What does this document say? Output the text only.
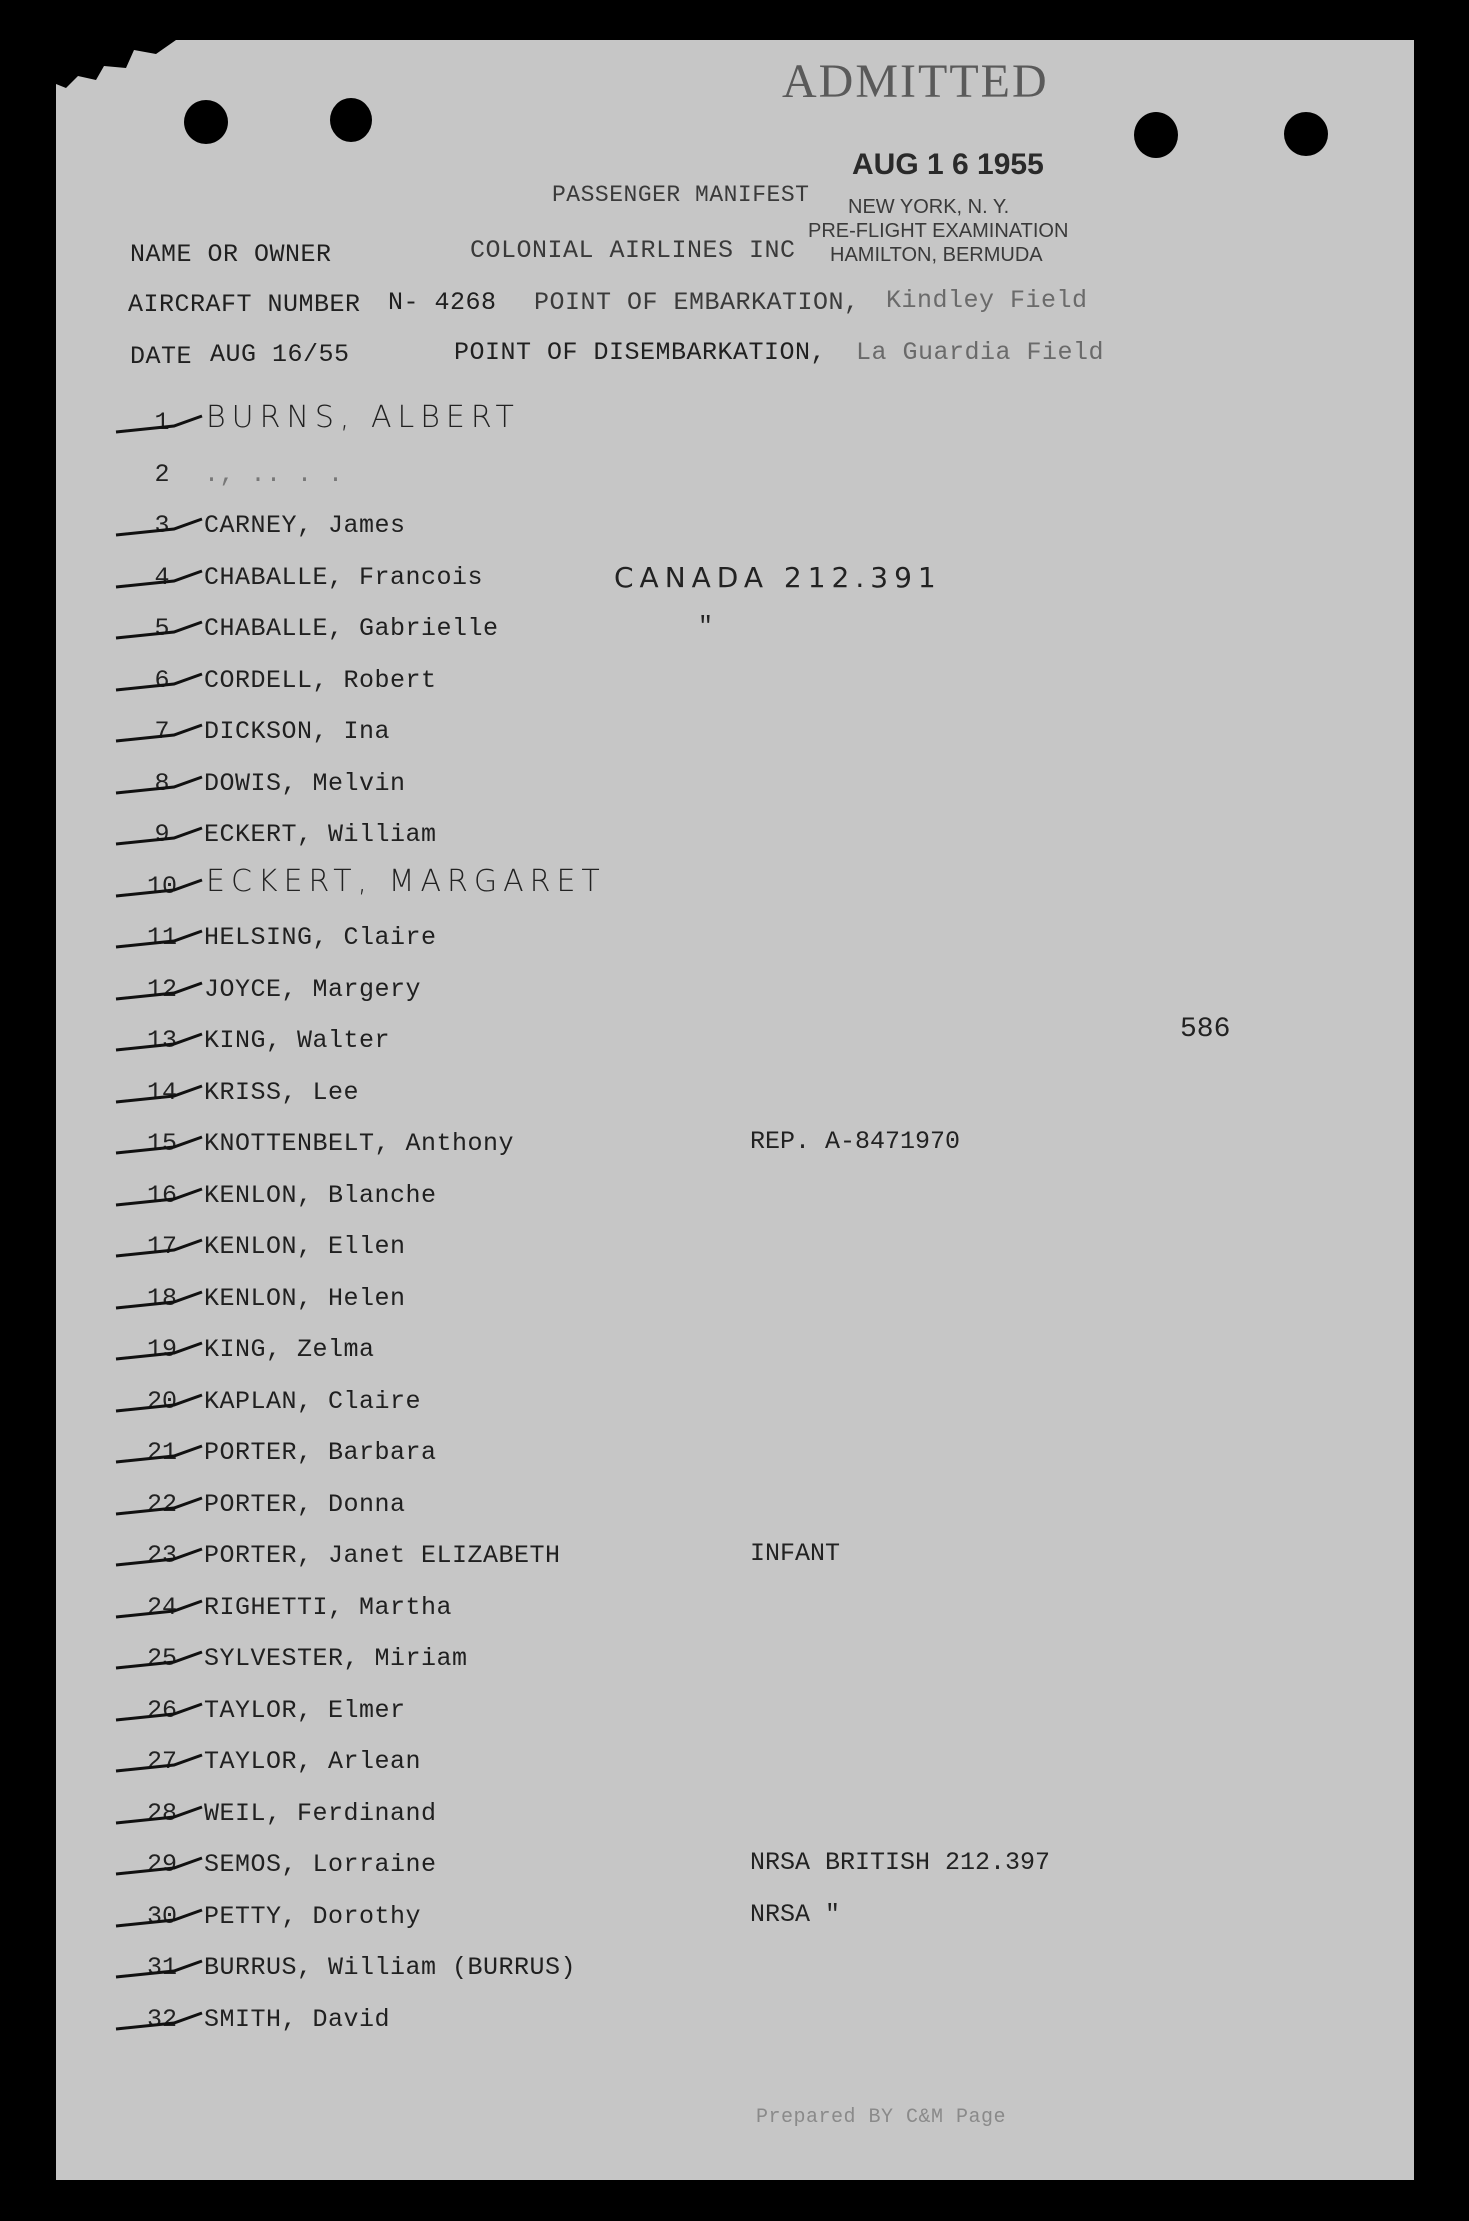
ADMITTED
AUG 1 6 1955
NEW YORK, N. Y.
PRE-FLIGHT EXAMINATION
HAMILTON, BERMUDA
PASSENGER MANIFEST
NAME OR OWNER	COLONIAL AIRLINES INC
AIRCRAFT NUMBER N- 4268 POINT OF EMBARKATION, Kindley Field
DATE AUG 16/55	POINT OF DISEMBARKATION, La Guardia Field
1	BURNS, ALBERT
2	., .. . .
3	CARNEY, James
4	CHABALLE, Francois	CANADA 212.391
5	CHABALLE, Gabrielle	"
6	CORDELL, Robert
7	DICKSON, Ina
8	DOWIS, Melvin
9	ECKERT, William
10 ECKERT, MARGARET
11	HELSING, Claire
12	JOYCE, Margery
13	KING, Walter
14	KRISS, Lee
15	KNOTTENBELT, Anthony	REP. A-8471970
16	KENLON, Blanche
17	KENLON, Ellen
18	KENLON, Helen
19	KING, Zelma
20	KAPLAN, Claire
21	PORTER, Barbara
22	PORTER, Donna
23	PORTER, Janet ELIZABETH	INFANT
24	RIGHETTI, Martha
25	SYLVESTER, Miriam
26	TAYLOR, Elmer
27	TAYLOR, Arlean
28	WEIL, Ferdinand
29	SEMOS, Lorraine	NRSA BRITISH 212.397
30	PETTY, Dorothy	NRSA "
31	BURRUS, William (BURRUS)
32	SMITH, David
586
Prepared BY C&M Page
